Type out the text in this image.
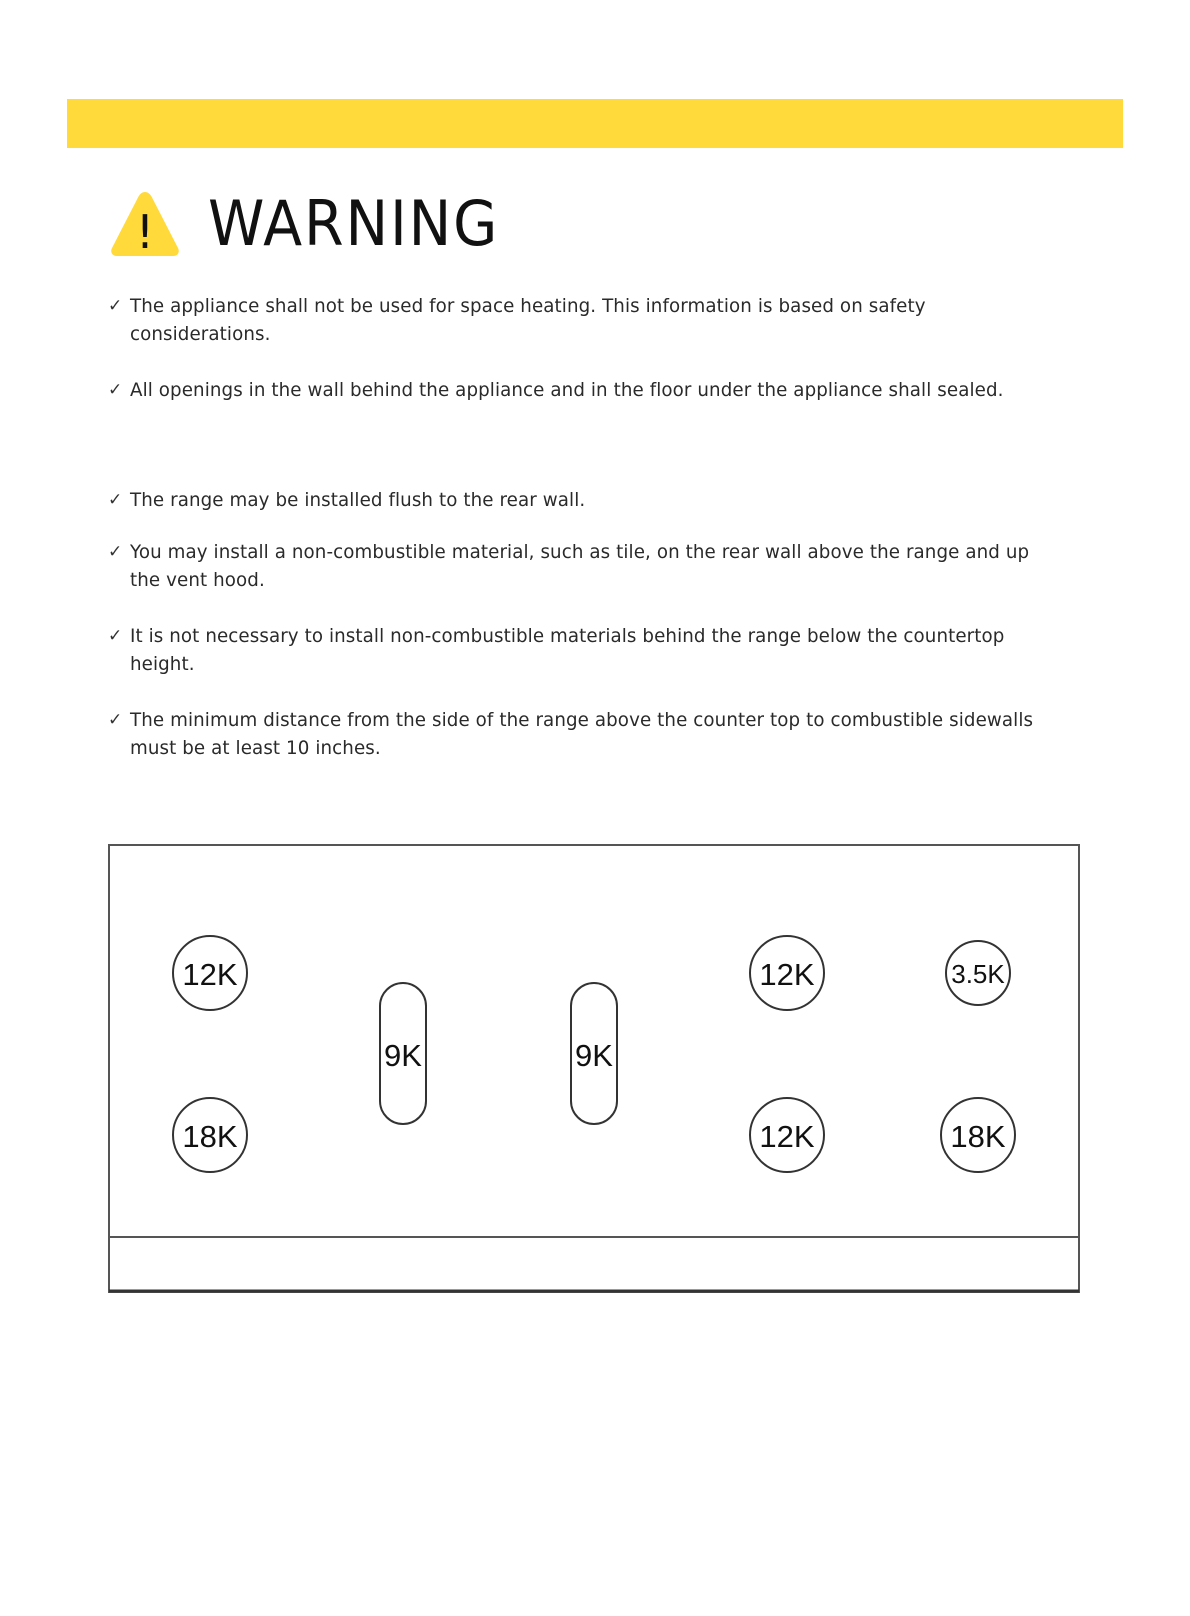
! WARNING
✓ The appliance shall not be used for space heating. This information is based on safety considerations.
✓ All openings in the wall behind the appliance and in the floor under the appliance shall sealed.
✓ The range may be installed flush to the rear wall.
✓ You may install a non-combustible material, such as tile, on the rear wall above the range and up the vent hood.
✓ It is not necessary to install non-combustible materials behind the range below the countertop height.
✓ The minimum distance from the side of the range above the counter top to combustible sidewalls must be at least 10 inches.
12K
18K
9K	9K
12K
12K
3.5K
18K
